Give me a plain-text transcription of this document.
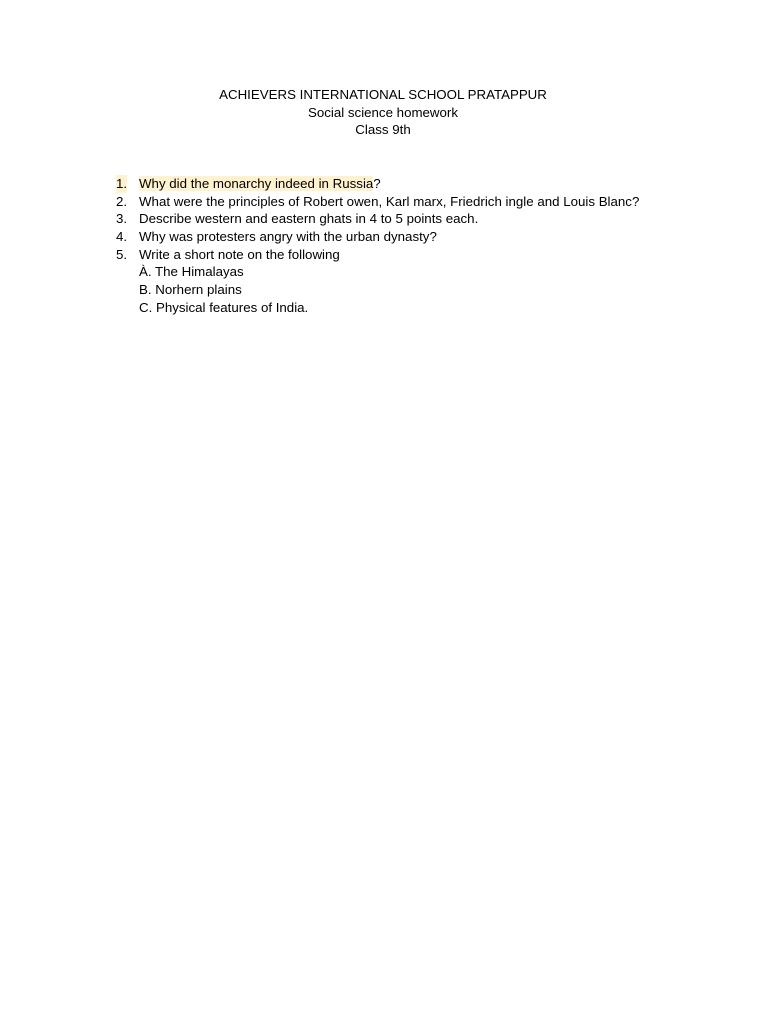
ACHIEVERS INTERNATIONAL SCHOOL PRATAPPUR
Social science homework
Class 9th
1. Why did the monarchy indeed in Russia?
2. What were the principles of Robert owen, Karl marx, Friedrich ingle and Louis Blanc?
3. Describe western and eastern ghats in 4 to 5 points each.
4. Why was protesters angry with the urban dynasty?
5. Write a short note on the following
À. The Himalayas
B. Norhern plains
C. Physical features of India.
